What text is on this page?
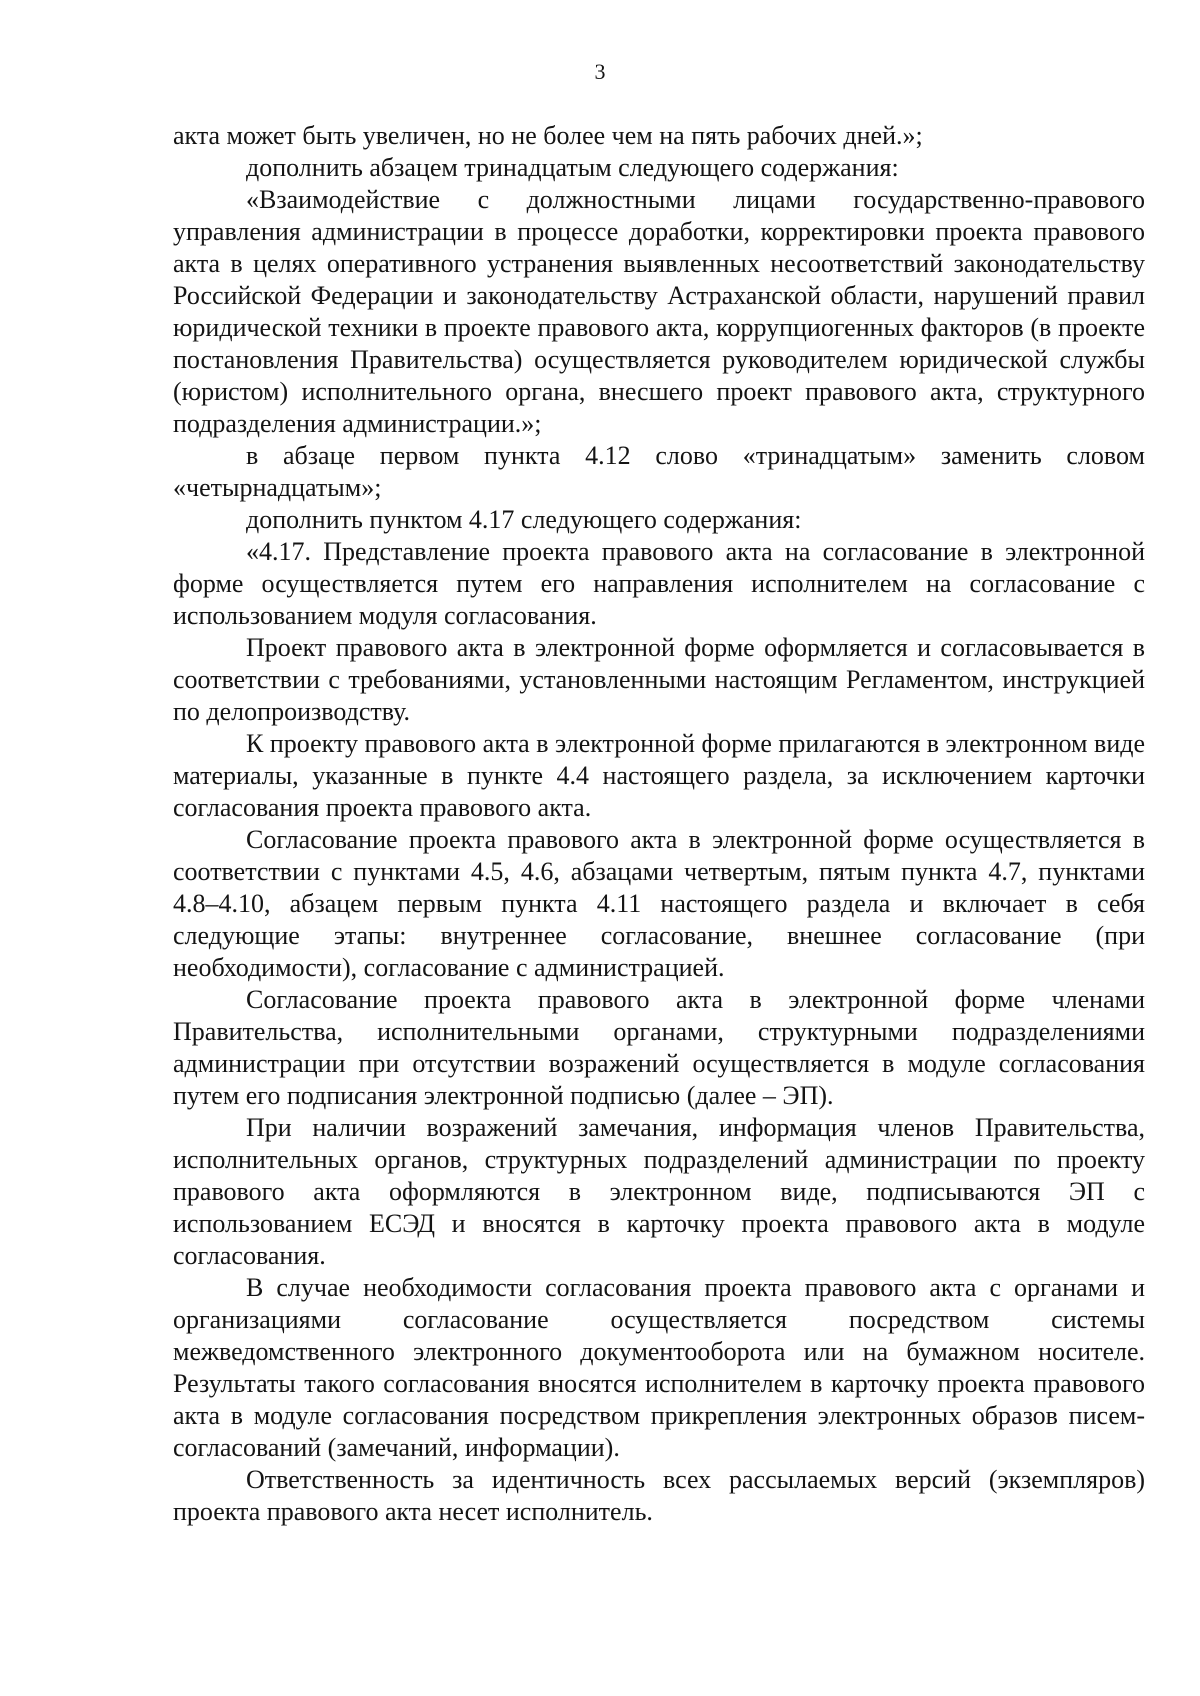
3

акта может быть увеличен, но не более чем на пять рабочих дней.»;

дополнить абзацем тринадцатым следующего содержания:

«Взаимодействие с должностными лицами государственно-правового управления администрации в процессе доработки, корректировки проекта правового акта в целях оперативного устранения выявленных несоответствий законодательству Российской Федерации и законодательству Астраханской области, нарушений правил юридической техники в проекте правового акта, коррупциогенных факторов (в проекте постановления Правительства) осуществляется руководителем юридической службы (юристом) исполнительного органа, внесшего проект правового акта, структурного подразделения администрации.»;

в абзаце первом пункта 4.12 слово «тринадцатым» заменить словом «четырнадцатым»;

дополнить пунктом 4.17 следующего содержания:

«4.17. Представление проекта правового акта на согласование в электронной форме осуществляется путем его направления исполнителем на согласование с использованием модуля согласования.

Проект правового акта в электронной форме оформляется и согласовывается в соответствии с требованиями, установленными настоящим Регламентом, инструкцией по делопроизводству.

К проекту правового акта в электронной форме прилагаются в электронном виде материалы, указанные в пункте 4.4 настоящего раздела, за исключением карточки согласования проекта правового акта.

Согласование проекта правового акта в электронной форме осуществляется в соответствии с пунктами 4.5, 4.6, абзацами четвертым, пятым пункта 4.7, пунктами 4.8–4.10, абзацем первым пункта 4.11 настоящего раздела и включает в себя следующие этапы: внутреннее согласование, внешнее согласование (при необходимости), согласование с администрацией.

Согласование проекта правового акта в электронной форме членами Правительства, исполнительными органами, структурными подразделениями администрации при отсутствии возражений осуществляется в модуле согласования путем его подписания электронной подписью (далее – ЭП).

При наличии возражений замечания, информация членов Правительства, исполнительных органов, структурных подразделений администрации по проекту правового акта оформляются в электронном виде, подписываются ЭП с использованием ЕСЭД и вносятся в карточку проекта правового акта в модуле согласования.

В случае необходимости согласования проекта правового акта с органами и организациями согласование осуществляется посредством системы межведомственного электронного документооборота или на бумажном носителе. Результаты такого согласования вносятся исполнителем в карточку проекта правового акта в модуле согласования посредством прикрепления электронных образов писем-согласований (замечаний, информации).

Ответственность за идентичность всех рассылаемых версий (экземпляров) проекта правового акта несет исполнитель.
